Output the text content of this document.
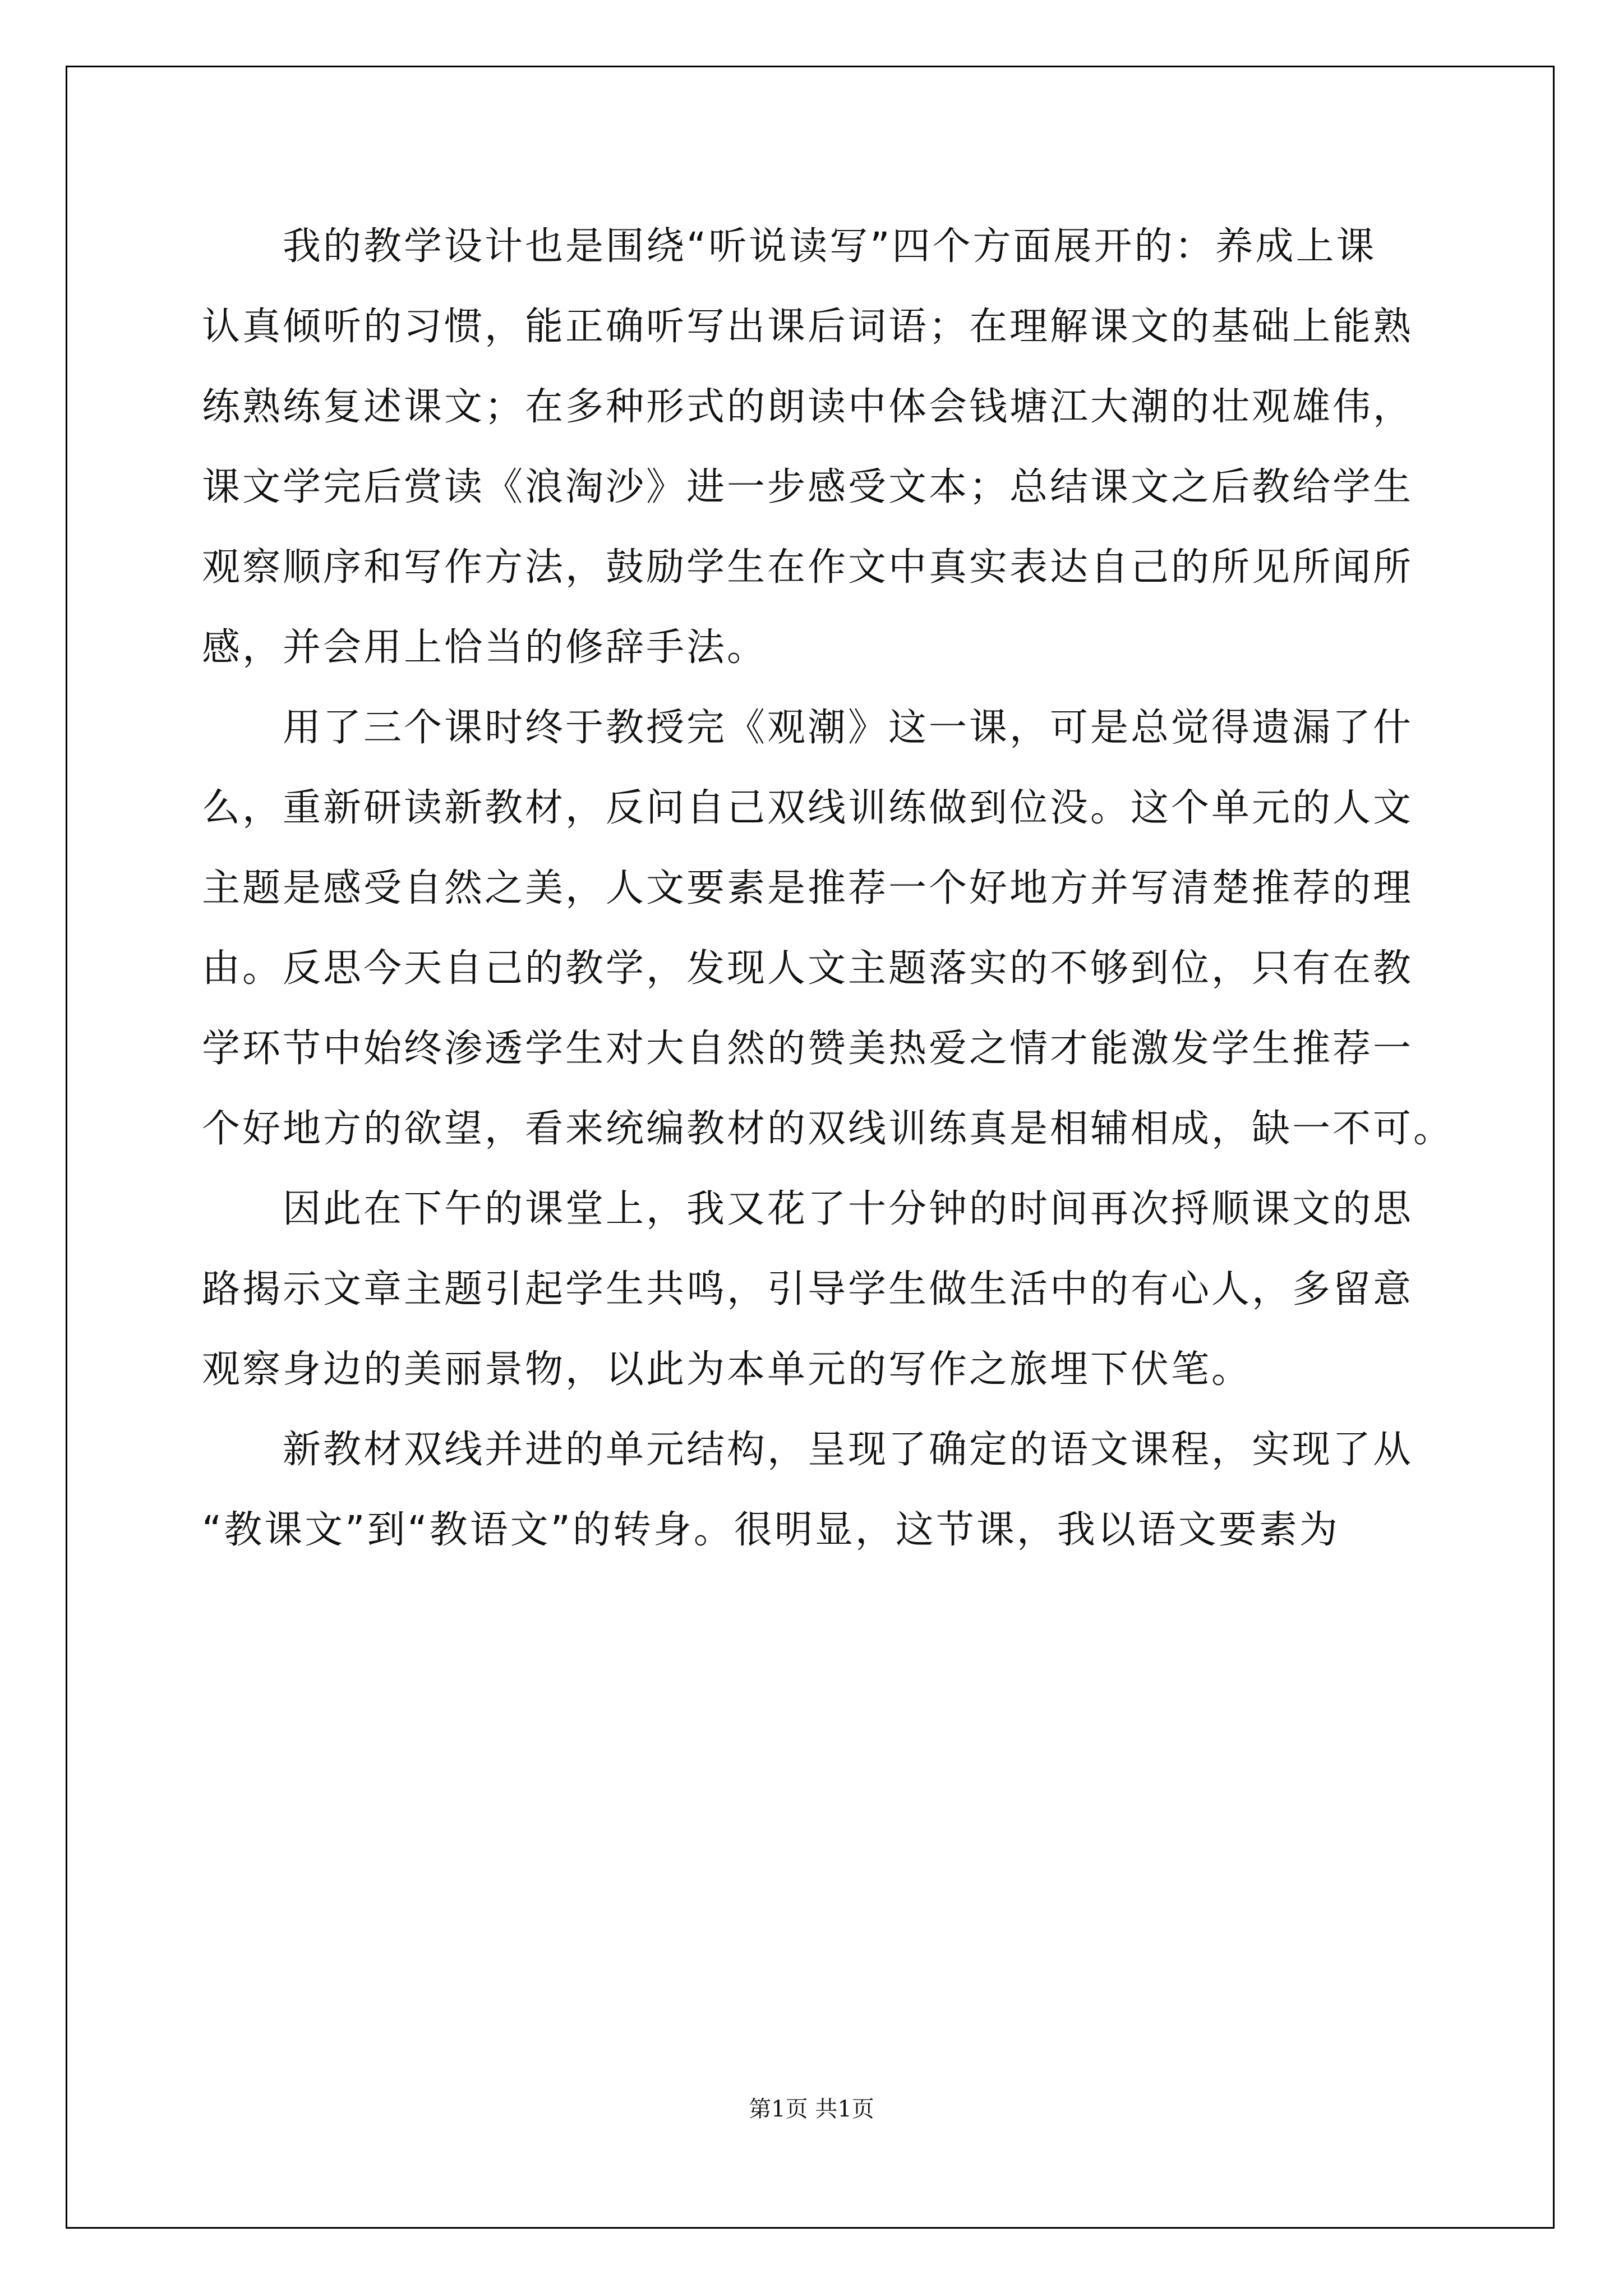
我的教学设计也是围绕“听说读写”四个方面展开的：养成上课
认真倾听的习惯，能正确听写出课后词语；在理解课文的基础上能熟
练熟练复述课文；在多种形式的朗读中体会钱塘江大潮的壮观雄伟，
课文学完后赏读《浪淘沙》进一步感受文本；总结课文之后教给学生
观察顺序和写作方法，鼓励学生在作文中真实表达自己的所见所闻所
感，并会用上恰当的修辞手法。
用了三个课时终于教授完《观潮》这一课，可是总觉得遗漏了什
么，重新研读新教材，反问自己双线训练做到位没。这个单元的人文
主题是感受自然之美，人文要素是推荐一个好地方并写清楚推荐的理
由。反思今天自己的教学，发现人文主题落实的不够到位，只有在教
学环节中始终渗透学生对大自然的赞美热爱之情才能激发学生推荐一
个好地方的欲望，看来统编教材的双线训练真是相辅相成，缺一不可。
因此在下午的课堂上，我又花了十分钟的时间再次捋顺课文的思
路揭示文章主题引起学生共鸣，引导学生做生活中的有心人，多留意
观察身边的美丽景物，以此为本单元的写作之旅埋下伏笔。
新教材双线并进的单元结构，呈现了确定的语文课程，实现了从
“教课文”到“教语文”的转身。很明显，这节课，我以语文要素为
第1页 共1页
